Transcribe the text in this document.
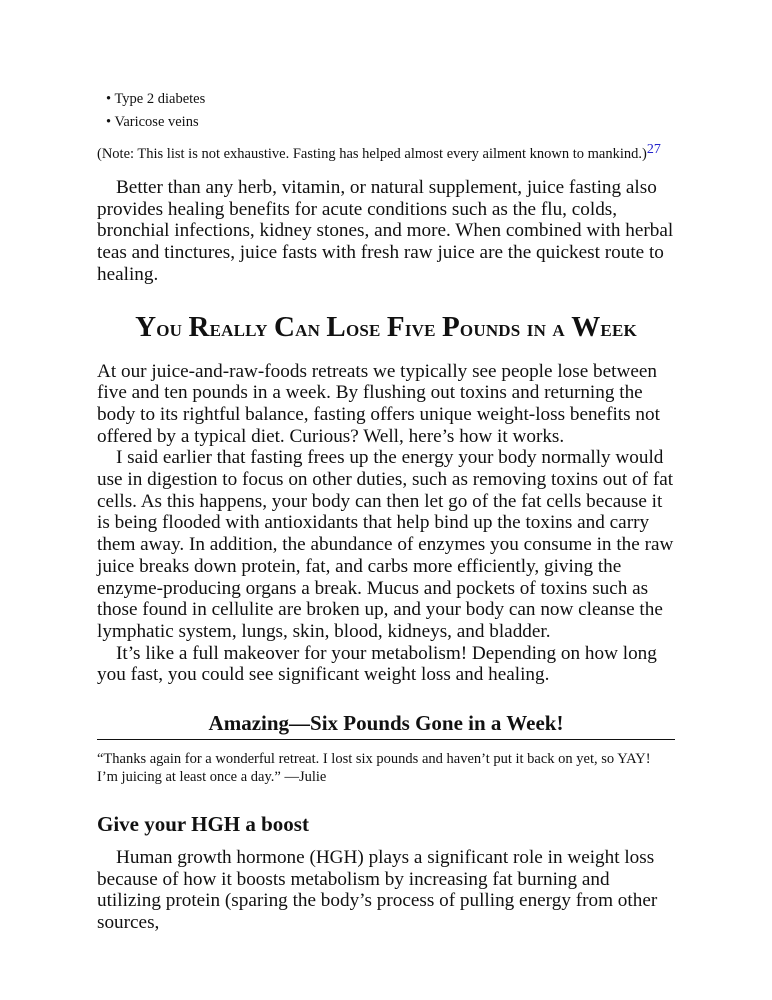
• Type 2 diabetes
• Varicose veins

(Note: This list is not exhaustive. Fasting has helped almost every ailment known to mankind.)$^{27}$

Better than any herb, vitamin, or natural supplement, juice fasting also provides healing benefits for acute conditions such as the flu, colds, bronchial infections, kidney stones, and more. When combined with herbal teas and tinctures, juice fasts with fresh raw juice are the quickest route to healing.

You Really Can Lose Five Pounds in a Week

At our juice-and-raw-foods retreats we typically see people lose between five and ten pounds in a week. By flushing out toxins and returning the body to its rightful balance, fasting offers unique weight-loss benefits not offered by a typical diet. Curious? Well, here’s how it works.

I said earlier that fasting frees up the energy your body normally would use in digestion to focus on other duties, such as removing toxins out of fat cells. As this happens, your body can then let go of the fat cells because it is being flooded with antioxidants that help bind up the toxins and carry them away. In addition, the abundance of enzymes you consume in the raw juice breaks down protein, fat, and carbs more efficiently, giving the enzyme-producing organs a break. Mucus and pockets of toxins such as those found in cellulite are broken up, and your body can now cleanse the lymphatic system, lungs, skin, blood, kidneys, and bladder.

It’s like a full makeover for your metabolism! Depending on how long you fast, you could see significant weight loss and healing.

Amazing—Six Pounds Gone in a Week!

“Thanks again for a wonderful retreat. I lost six pounds and haven’t put it back on yet, so YAY! I’m juicing at least once a day.” —Julie

Give your HGH a boost

Human growth hormone (HGH) plays a significant role in weight loss because of how it boosts metabolism by increasing fat burning and utilizing protein (sparing the body’s process of pulling energy from other sources,
